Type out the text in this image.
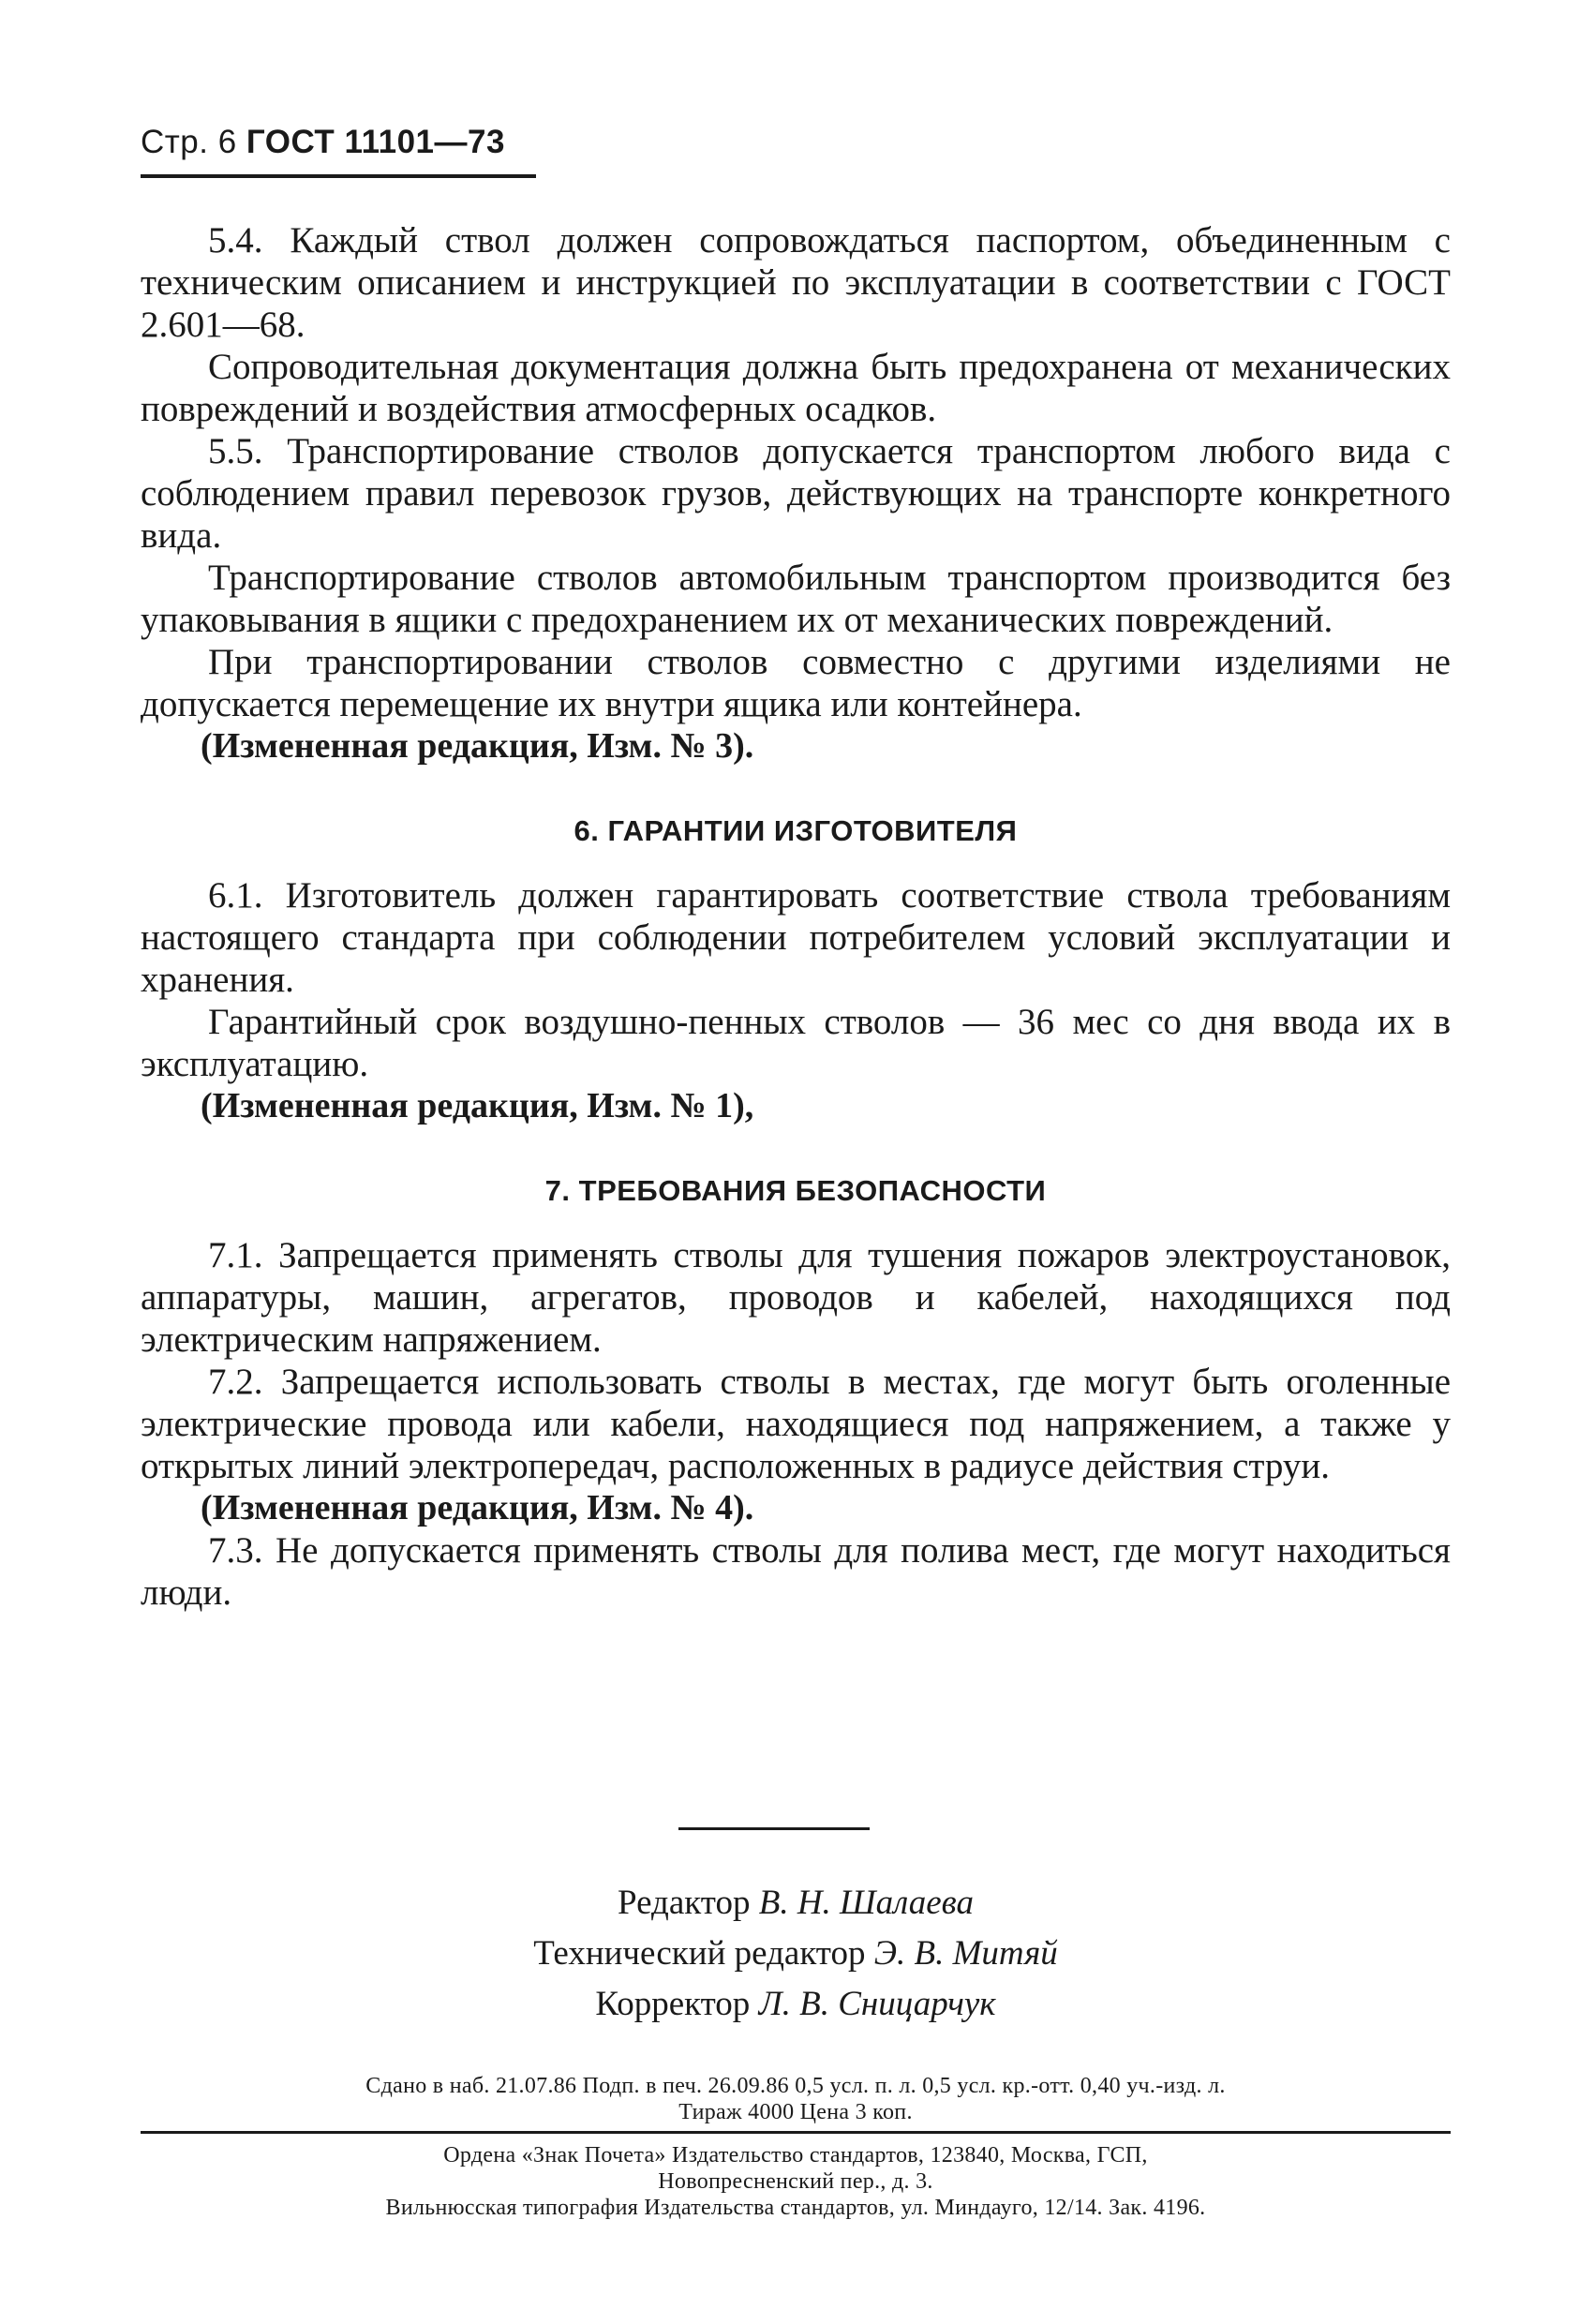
Стр. 6 ГОСТ 11101—73

5.4. Каждый ствол должен сопровождаться паспортом, объединенным с техническим описанием и инструкцией по эксплуатации в соответствии с ГОСТ 2.601—68.

Сопроводительная документация должна быть предохранена от механических повреждений и воздействия атмосферных осадков.

5.5. Транспортирование стволов допускается транспортом любого вида с соблюдением правил перевозок грузов, действующих на транспорте конкретного вида.

Транспортирование стволов автомобильным транспортом производится без упаковывания в ящики с предохранением их от механических повреждений.

При транспортировании стволов совместно с другими изделиями не допускается перемещение их внутри ящика или контейнера.

(Измененная редакция, Изм. № 3).

6. ГАРАНТИИ ИЗГОТОВИТЕЛЯ

6.1. Изготовитель должен гарантировать соответствие ствола требованиям настоящего стандарта при соблюдении потребителем условий эксплуатации и хранения.

Гарантийный срок воздушно-пенных стволов — 36 мес со дня ввода их в эксплуатацию.

(Измененная редакция, Изм. № 1),

7. ТРЕБОВАНИЯ БЕЗОПАСНОСТИ

7.1. Запрещается применять стволы для тушения пожаров электроустановок, аппаратуры, машин, агрегатов, проводов и кабелей, находящихся под электрическим напряжением.

7.2. Запрещается использовать стволы в местах, где могут быть оголенные электрические провода или кабели, находящиеся под напряжением, а также у открытых линий электропередач, расположенных в радиусе действия струи.

(Измененная редакция, Изм. № 4).

7.3. Не допускается применять стволы для полива мест, где могут находиться люди.

Редактор В. Н. Шалаева
Технический редактор Э. В. Митяй
Корректор Л. В. Сницарчук
Сдано в наб. 21.07.86 Подп. в печ. 26.09.86 0,5 усл. п. л. 0,5 усл. кр.-отт. 0,40 уч.-изд. л.
Тираж 4000 Цена 3 коп.
Ордена «Знак Почета» Издательство стандартов, 123840, Москва, ГСП,
Новопресненский пер., д. 3.
Вильнюсская типография Издательства стандартов, ул. Миндауго, 12/14. Зак. 4196.
